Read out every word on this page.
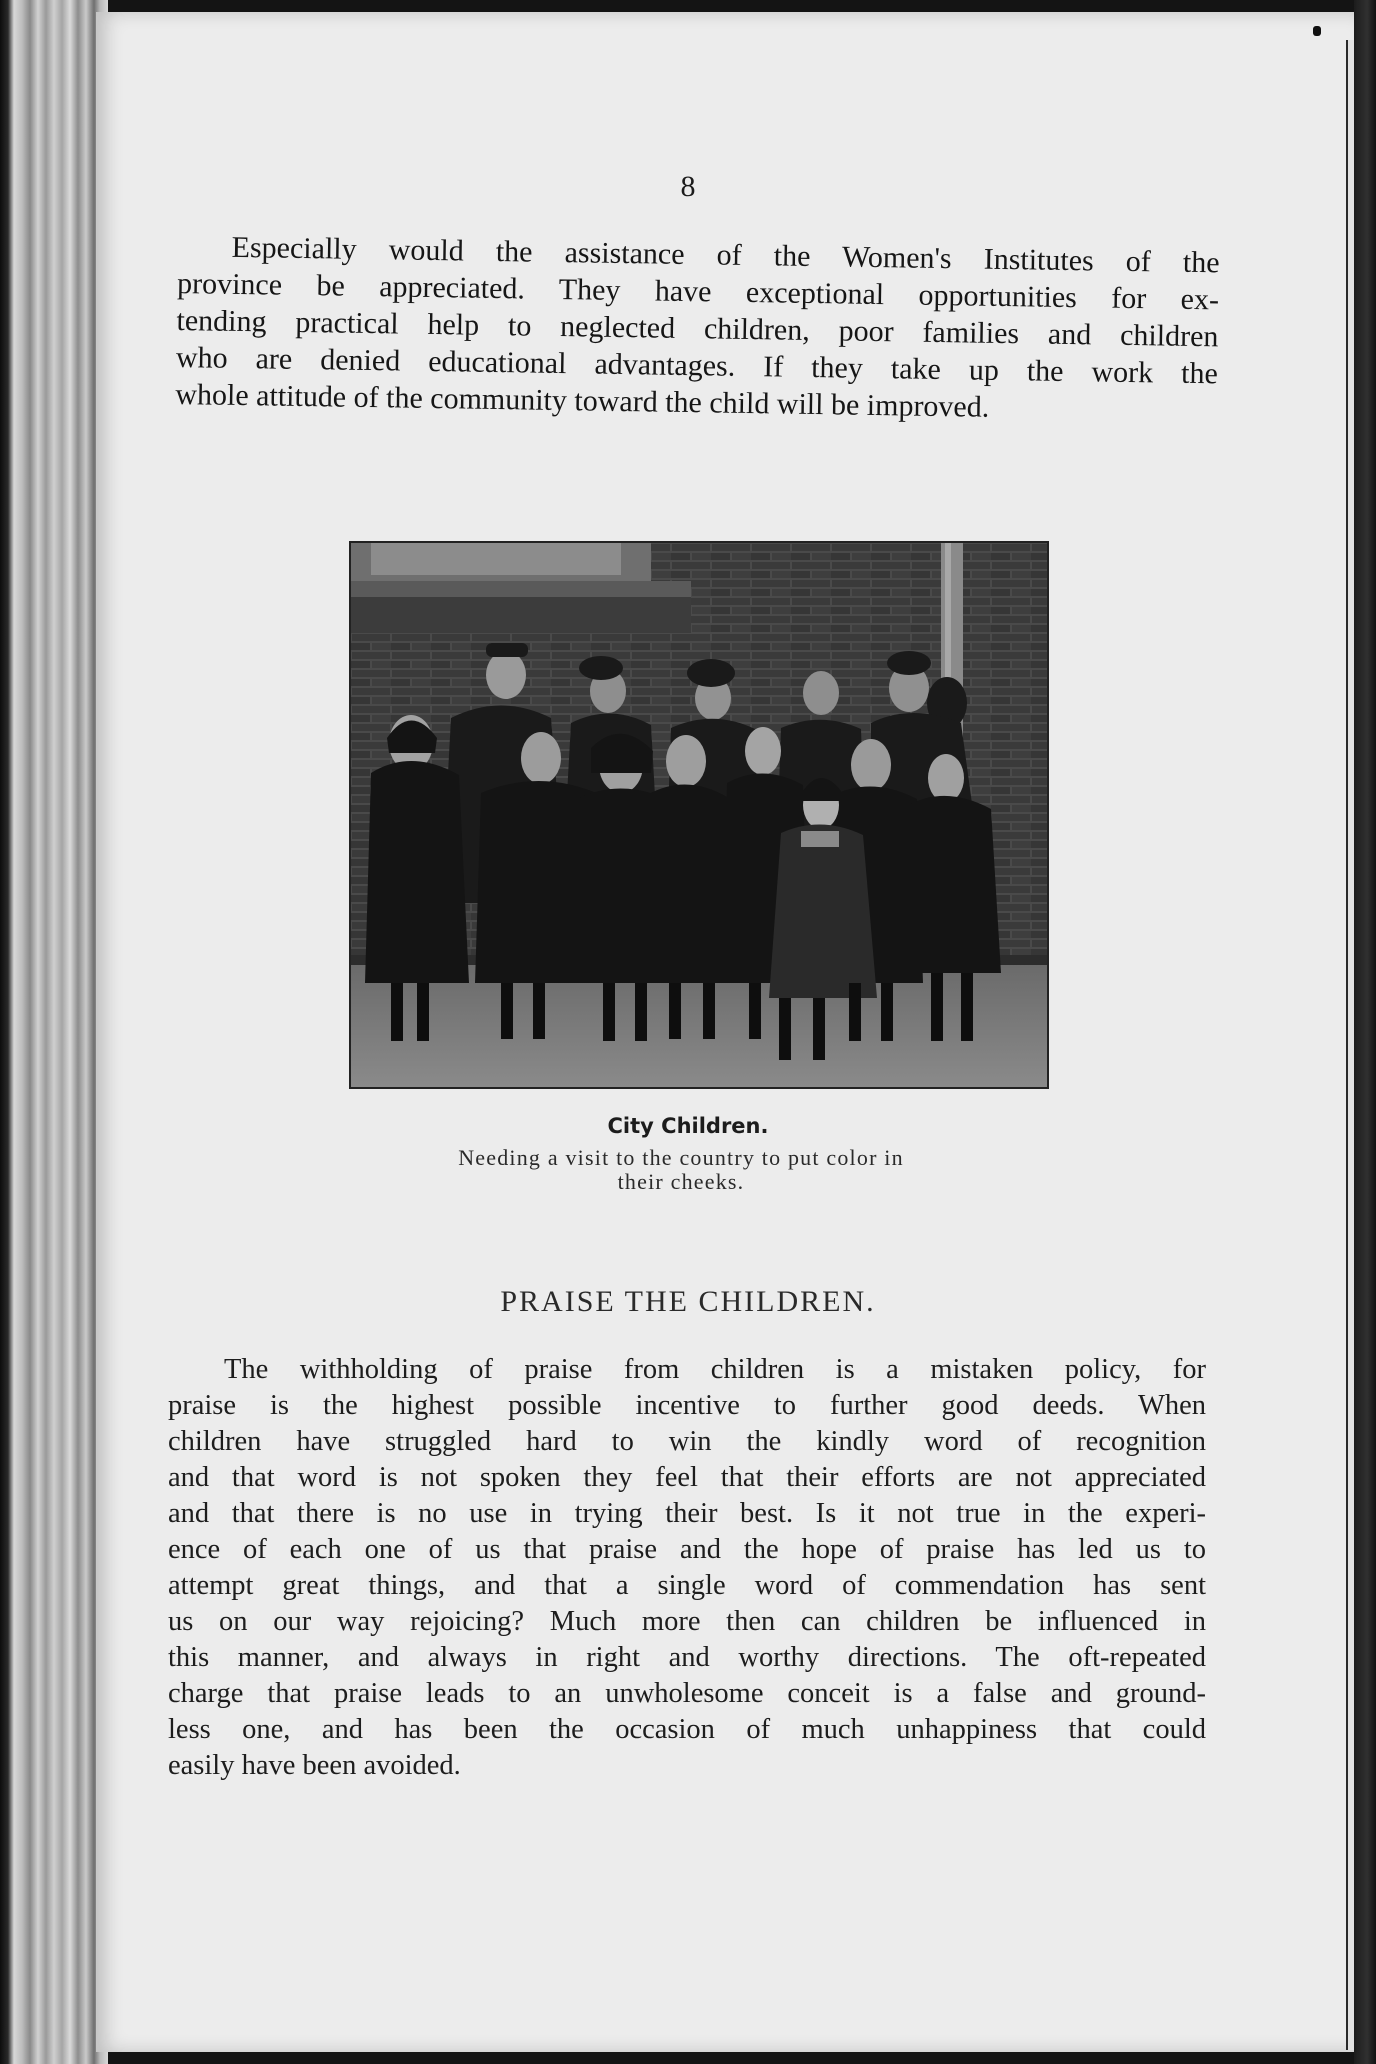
8
Especially would the assistance of the Women's Institutes of the
province be appreciated. They have exceptional opportunities for ex-
tending practical help to neglected children, poor families and children
who are denied educational advantages. If they take up the work the
whole attitude of the community toward the child will be improved.
City Children.
Needing a visit to the country to put color in
their cheeks.
PRAISE THE CHILDREN.
The withholding of praise from children is a mistaken policy, for
praise is the highest possible incentive to further good deeds. When
children have struggled hard to win the kindly word of recognition
and that word is not spoken they feel that their efforts are not appreciated
and that there is no use in trying their best. Is it not true in the experi-
ence of each one of us that praise and the hope of praise has led us to
attempt great things, and that a single word of commendation has sent
us on our way rejoicing? Much more then can children be influenced in
this manner, and always in right and worthy directions. The oft-repeated
charge that praise leads to an unwholesome conceit is a false and ground-
less one, and has been the occasion of much unhappiness that could
easily have been avoided.
